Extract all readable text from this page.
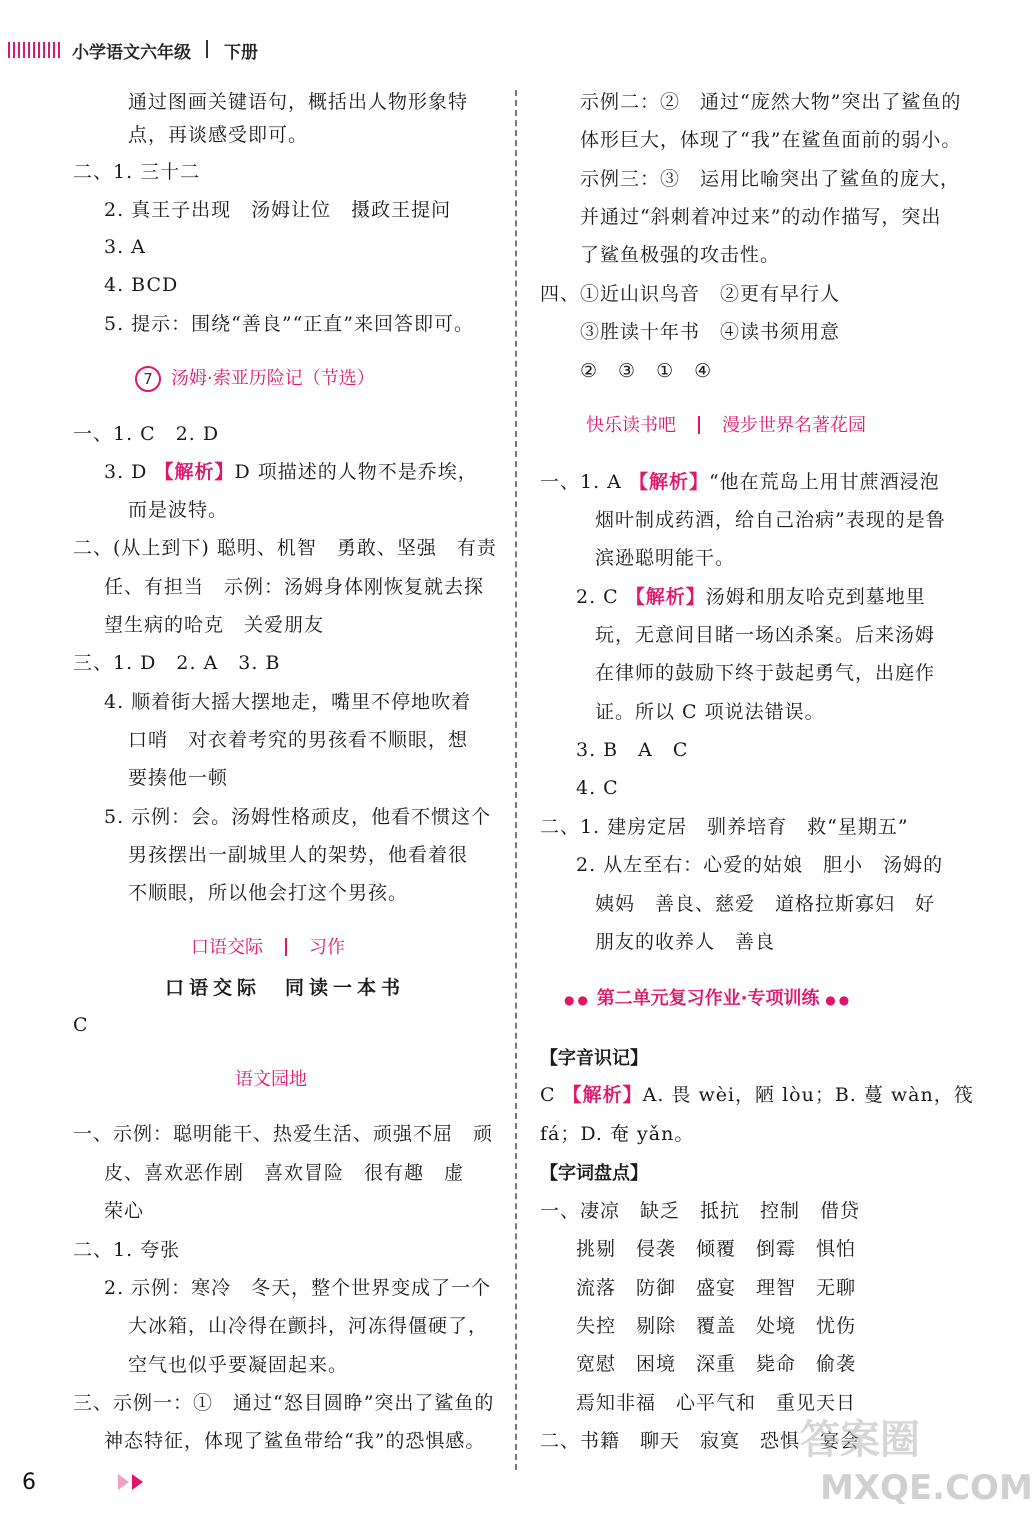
小学语文六年级 下册
通过图画关键语句，概括出人物形象特
点，再谈感受即可。
二、1. 三十二
2. 真王子出现　汤姆让位　摄政王提问
3. A
4. BCD
5. 提示：围绕“善良”“正直”来回答即可。
7 汤姆·索亚历险记（节选）
一、1. C　2. D
3. D 【解析】D 项描述的人物不是乔埃，
而是波特。
二、(从上到下) 聪明、机智　勇敢、坚强　有责
任、有担当　示例：汤姆身体刚恢复就去探
望生病的哈克　关爱朋友
三、1. D　2. A　3. B
4. 顺着街大摇大摆地走，嘴里不停地吹着
口哨　对衣着考究的男孩看不顺眼，想
要揍他一顿
5. 示例：会。汤姆性格顽皮，他看不惯这个
男孩摆出一副城里人的架势，他看着很
不顺眼，所以他会打这个男孩。
口语交际	习作
口语交际　同读一本书
C
语文园地
一、示例：聪明能干、热爱生活、顽强不屈　顽
皮、喜欢恶作剧　喜欢冒险　很有趣　虚
荣心
二、1. 夸张
2. 示例：寒冷　冬天，整个世界变成了一个
大冰箱，山冷得在颤抖，河冻得僵硬了，
空气也似乎要凝固起来。
三、示例一：①　通过“怒目圆睁”突出了鲨鱼的
神态特征，体现了鲨鱼带给“我”的恐惧感。
示例二：②　通过“庞然大物”突出了鲨鱼的
体形巨大，体现了“我”在鲨鱼面前的弱小。
示例三：③　运用比喻突出了鲨鱼的庞大，
并通过“斜刺着冲过来”的动作描写，突出
了鲨鱼极强的攻击性。
四、①近山识鸟音　②更有早行人
③胜读十年书　④读书须用意
②　③　①　④
快乐读书吧	漫步世界名著花园
一、1. A 【解析】“他在荒岛上用甘蔗酒浸泡
烟叶制成药酒，给自己治病”表现的是鲁
滨逊聪明能干。
2. C 【解析】汤姆和朋友哈克到墓地里
玩，无意间目睹一场凶杀案。后来汤姆
在律师的鼓励下终于鼓起勇气，出庭作
证。所以 C 项说法错误。
3. B　A　C
4. C
二、1. 建房定居　驯养培育　救“星期五”
2. 从左至右：心爱的姑娘　胆小　汤姆的
姨妈　善良、慈爱　道格拉斯寡妇　好
朋友的收养人　善良
●● 第二单元复习作业·专项训练 ●●
【字音识记】
C 【解析】A. 畏 wèi，陋 lòu；B. 蔓 wàn，筏
fá；D. 奄 yǎn。
【字词盘点】
一、凄凉　缺乏　抵抗　控制　借贷
挑剔　侵袭　倾覆　倒霉　惧怕
流落　防御　盛宴　理智　无聊
失控　剔除　覆盖　处境　忧伤
宽慰　困境　深重　毙命　偷袭
焉知非福　心平气和　重见天日
二、书籍　聊天　寂寞　恐惧　宴会
6
答案圈
MXQE.COM
